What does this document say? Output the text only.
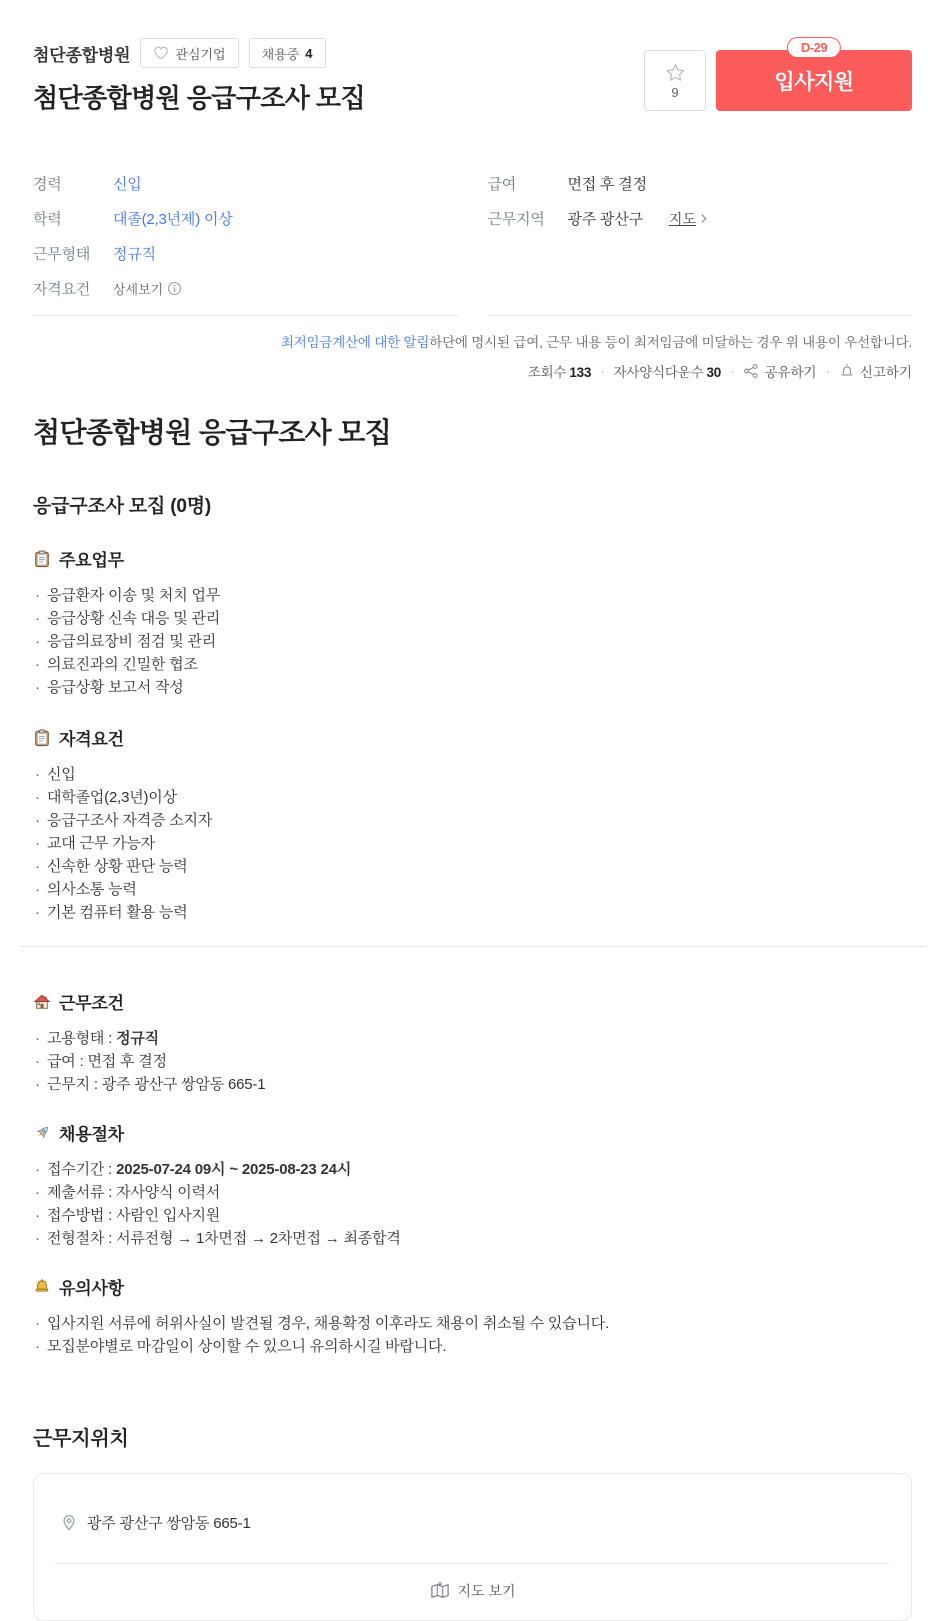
첨단종합병원	관심기업	채용중 4
첨단종합병원 응급구조사 모집	9
D-29
입사지원
경력	신입
학력	대졸(2,3년제) 이상
근무형태	정규직
자격요건	상세보기
급여	면접 후 결정
근무지역	광주 광산구 지도
최저임금계산에 대한 알림하단에 명시된 급여, 근무 내용 등이 최저임금에 미달하는 경우 위 내용이 우선합니다.
조회수 133 · 자사양식다운수 30 ·	공유하기 ·	신고하기
첨단종합병원 응급구조사 모집
응급구조사 모집 (0명)
주요업무
· 응급환자 이송 및 처치 업무
· 응급상황 신속 대응 및 관리
· 응급의료장비 점검 및 관리
· 의료진과의 긴밀한 협조
· 응급상황 보고서 작성
자격요건
· 신입
· 대학졸업(2,3년)이상
· 응급구조사 자격증 소지자
· 교대 근무 가능자
· 신속한 상황 판단 능력
· 의사소통 능력
· 기본 컴퓨터 활용 능력
근무조건
· 고용형태 : 정규직
· 급여 : 면접 후 결정
· 근무지 : 광주 광산구 쌍암동 665-1
채용절차
· 접수기간 : 2025-07-24 09시 ~ 2025-08-23 24시
· 제출서류 : 자사양식 이력서
· 접수방법 : 사람인 입사지원
· 전형절차 : 서류전형 → 1차면접 → 2차면접 → 최종합격
유의사항
· 입사지원 서류에 허위사실이 발견될 경우, 채용확정 이후라도 채용이 취소될 수 있습니다.
· 모집분야별로 마감일이 상이할 수 있으니 유의하시길 바랍니다.
근무지위치
광주 광산구 쌍암동 665-1
지도 보기
